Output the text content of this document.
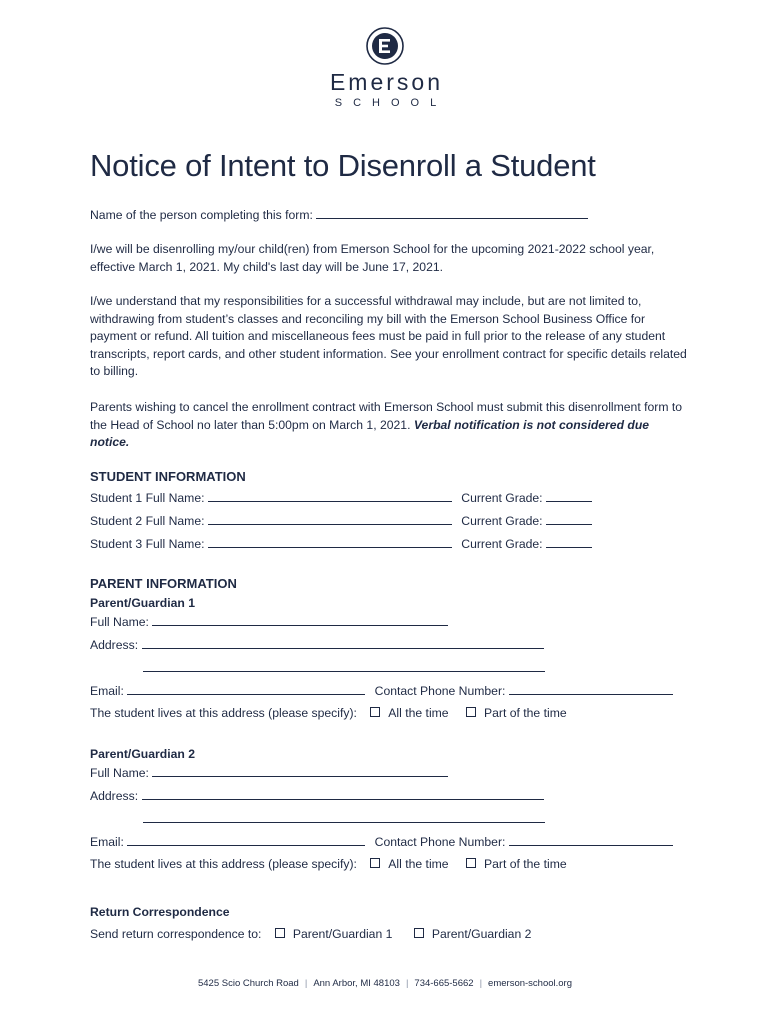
Emerson
SCHOOL
Notice of Intent to Disenroll a Student
Name of the person completing this form:

I/we will be disenrolling my/our child(ren) from Emerson School for the upcoming 2021-2022 school year, effective March 1, 2021. My child's last day will be June 17, 2021.

I/we understand that my responsibilities for a successful withdrawal may include, but are not limited to, withdrawing from student’s classes and reconciling my bill with the Emerson School Business Office for payment or refund. All tuition and miscellaneous fees must be paid in full prior to the release of any student transcripts, report cards, and other student information. See your enrollment contract for specific details related to billing.

Parents wishing to cancel the enrollment contract with Emerson School must submit this disenrollment form to the Head of School no later than 5:00pm on March 1, 2021. Verbal notification is not considered due notice.

STUDENT INFORMATION
Student 1 Full Name:	Current Grade:
Student 2 Full Name:	Current Grade:
Student 3 Full Name:	Current Grade:
PARENT INFORMATION
Parent/Guardian 1
Full Name:
Address:
Email:	Contact Phone Number:
The student lives at this address (please specify):	All the time	Part of the time
Parent/Guardian 2
Full Name:
Address:
Email:	Contact Phone Number:
The student lives at this address (please specify):	All the time	Part of the time
Return Correspondence
Send return correspondence to:	Parent/Guardian 1	Parent/Guardian 2
5425 Scio Church Road | Ann Arbor, MI 48103 | 734-665-5662 | emerson-school.org
